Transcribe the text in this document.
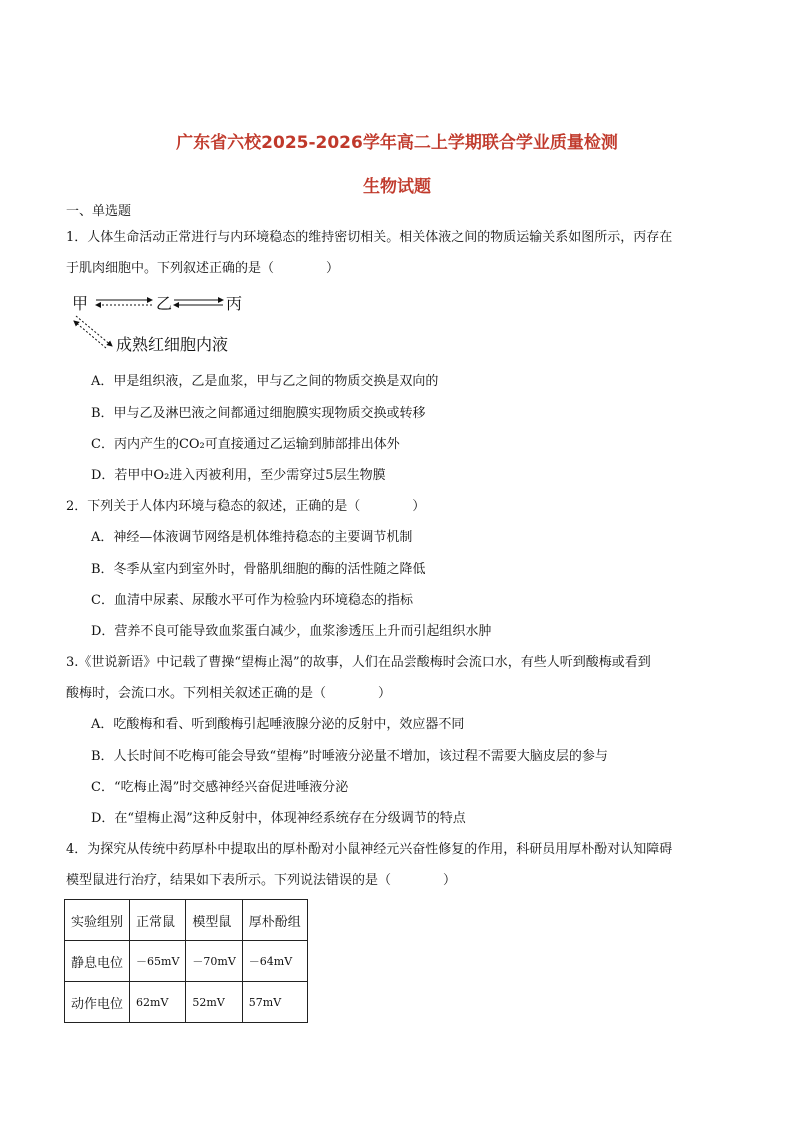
广东省六校2025-2026学年高二上学期联合学业质量检测
生物试题
一、单选题
1．人体生命活动正常进行与内环境稳态的维持密切相关。相关体液之间的物质运输关系如图所示，丙存在
于肌肉细胞中。下列叙述正确的是（　　　　）
甲	乙	丙
成熟红细胞内液
A．甲是组织液，乙是血浆，甲与乙之间的物质交换是双向的
B．甲与乙及淋巴液之间都通过细胞膜实现物质交换或转移
C．丙内产生的CO₂可直接通过乙运输到肺部排出体外
D．若甲中O₂进入丙被利用，至少需穿过5层生物膜
2．下列关于人体内环境与稳态的叙述，正确的是（　　　　）
A．神经—体液调节网络是机体维持稳态的主要调节机制
B．冬季从室内到室外时，骨骼肌细胞的酶的活性随之降低
C．血清中尿素、尿酸水平可作为检验内环境稳态的指标
D．营养不良可能导致血浆蛋白减少，血浆渗透压上升而引起组织水肿
3.《世说新语》中记载了曹操“望梅止渴”的故事，人们在品尝酸梅时会流口水，有些人听到酸梅或看到
酸梅时，会流口水。下列相关叙述正确的是（　　　　）
A．吃酸梅和看、听到酸梅引起唾液腺分泌的反射中，效应器不同
B．人长时间不吃梅可能会导致“望梅”时唾液分泌量不增加，该过程不需要大脑皮层的参与
C．“吃梅止渴”时交感神经兴奋促进唾液分泌
D．在“望梅止渴”这种反射中，体现神经系统存在分级调节的特点
4．为探究从传统中药厚朴中提取出的厚朴酚对小鼠神经元兴奋性修复的作用，科研员用厚朴酚对认知障碍
模型鼠进行治疗，结果如下表所示。下列说法错误的是（　　　　）
实验组别	正常鼠	模型鼠	厚朴酚组
静息电位	－65mV	－70mV	－64mV
动作电位	62mV	52mV	57mV
